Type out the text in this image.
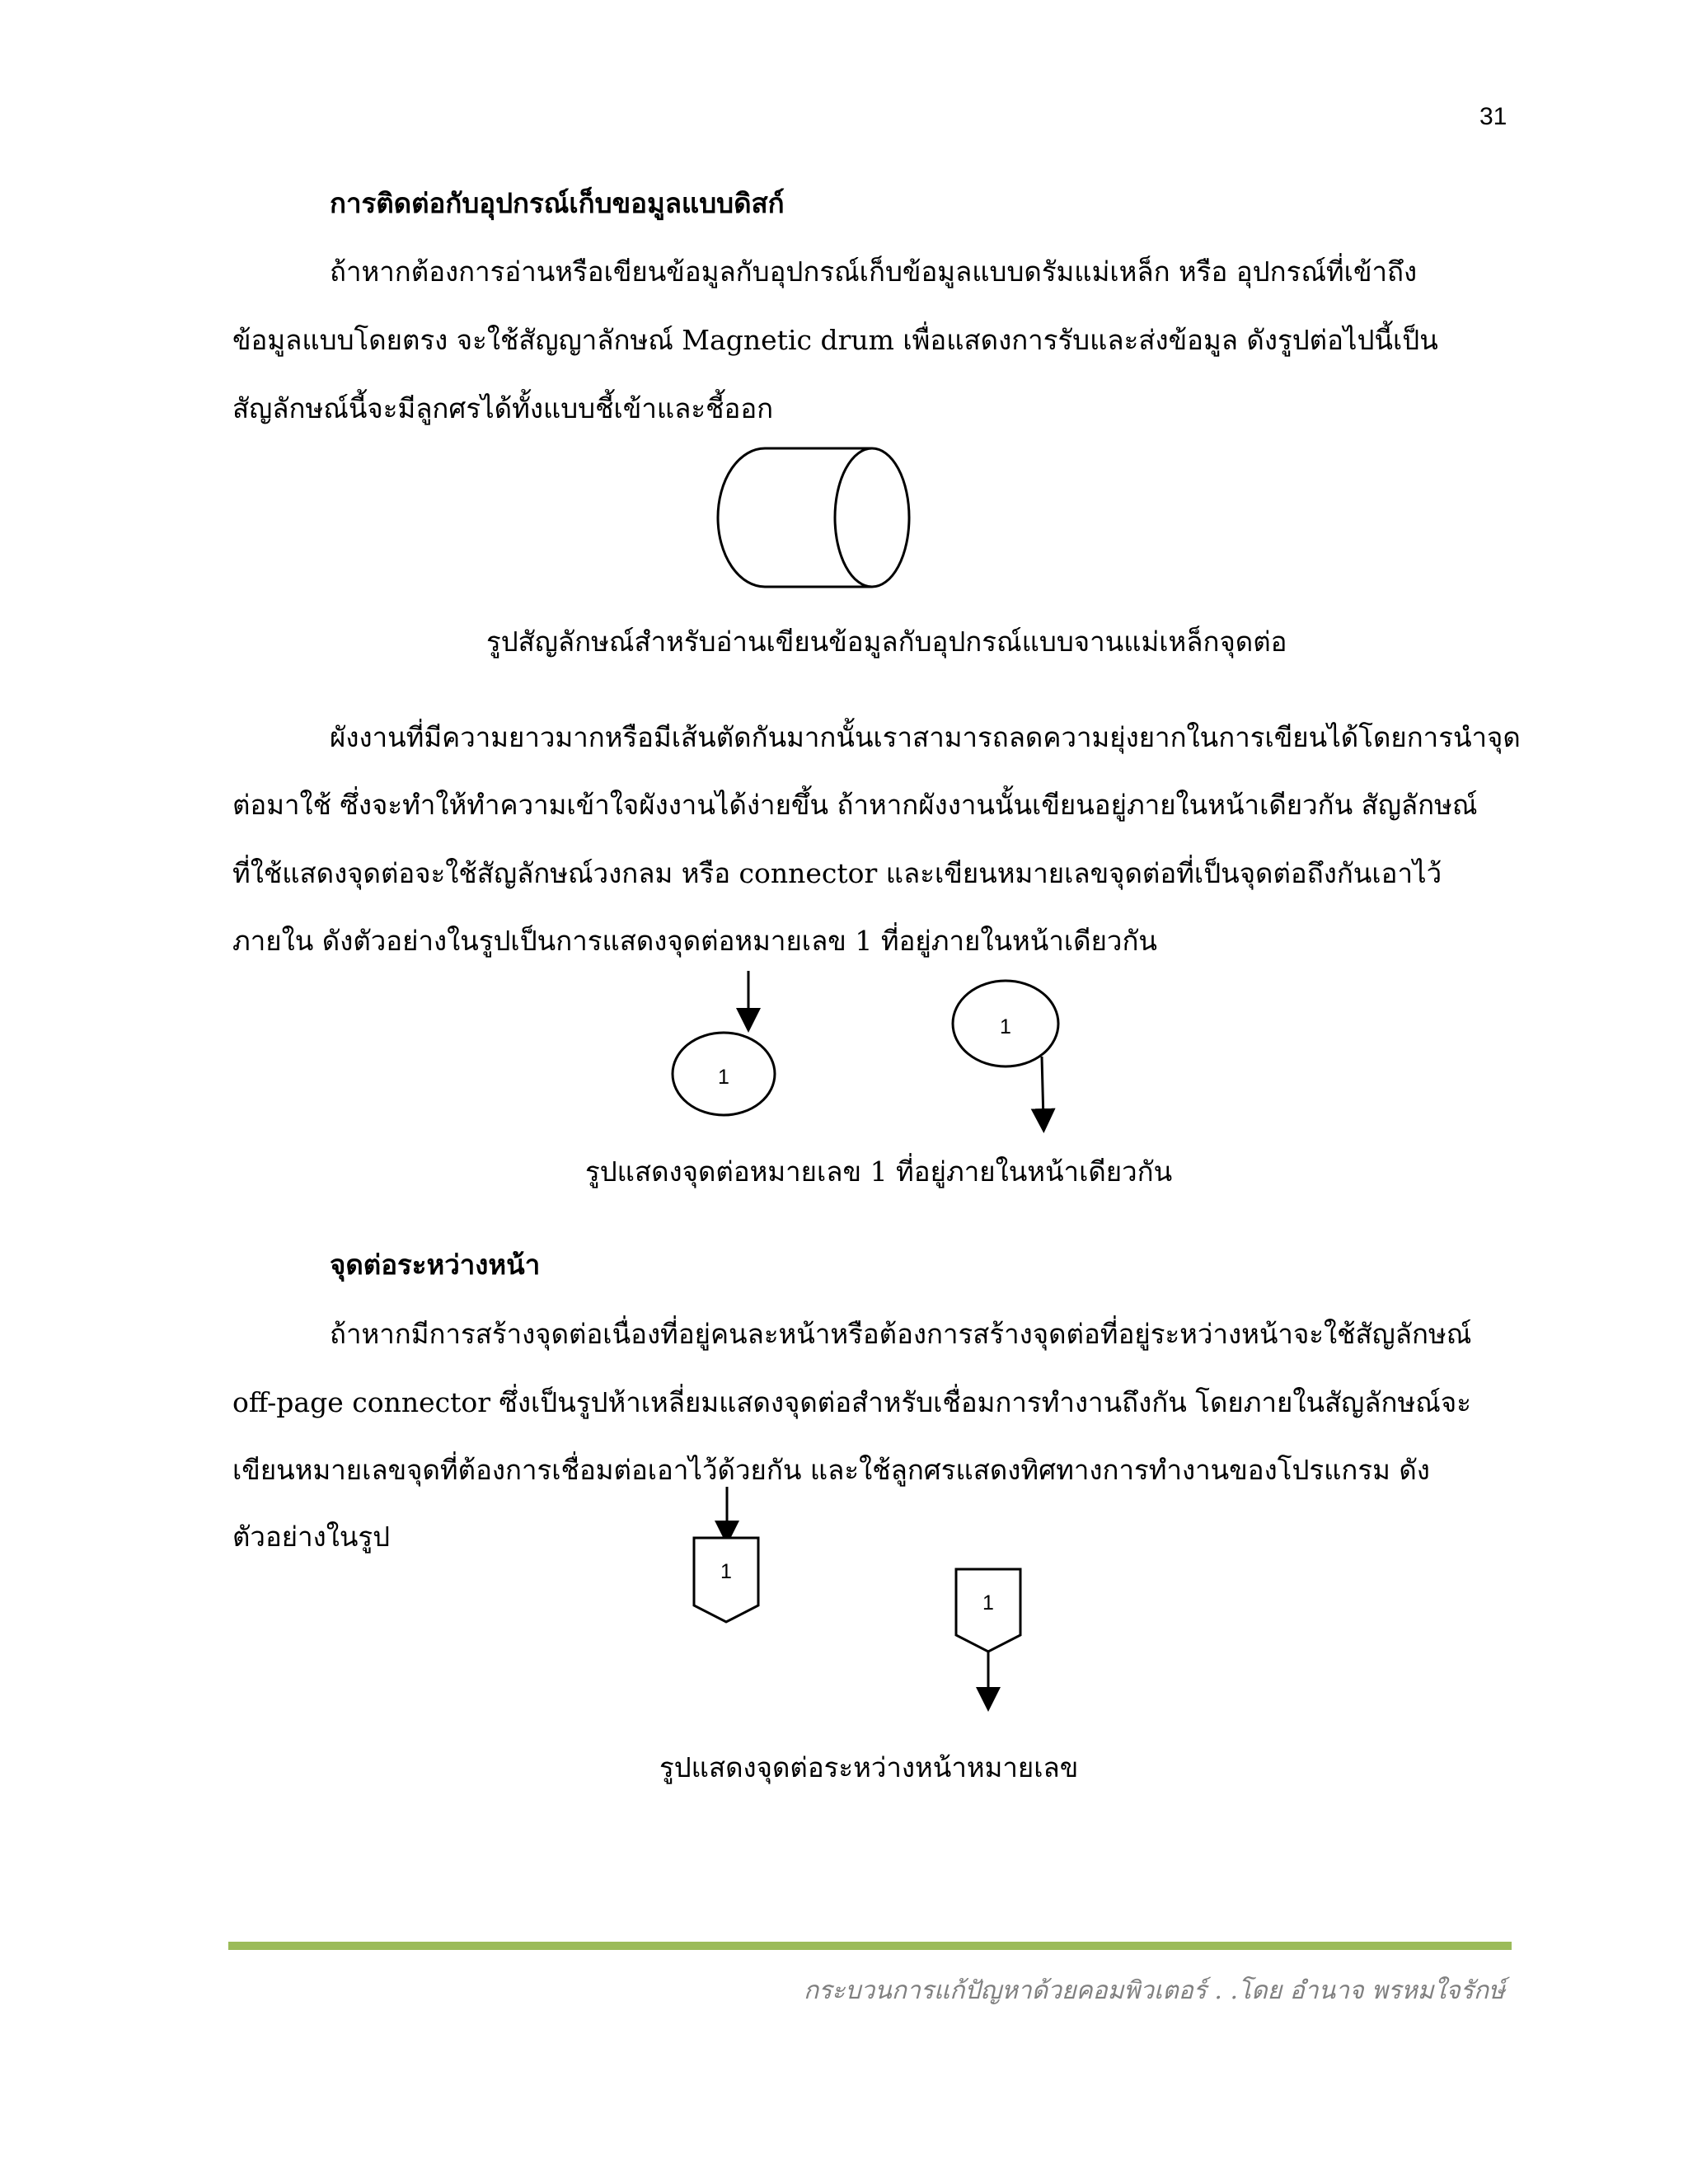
31
การติดต่อกับอุปกรณ์เก็บขอมูลแบบดิสก์
ถ้าหากต้องการอ่านหรือเขียนข้อมูลกับอุปกรณ์เก็บข้อมูลแบบดรัมแม่เหล็ก หรือ อุปกรณ์ที่เข้าถึง
ข้อมูลแบบโดยตรง จะใช้สัญญาลักษณ์ Magnetic drum เพื่อแสดงการรับและส่งข้อมูล ดังรูปต่อไปนี้เป็น
สัญลักษณ์นี้จะมีลูกศรได้ทั้งแบบชี้เข้าและชี้ออก
รูปสัญลักษณ์สำหรับอ่านเขียนข้อมูลกับอุปกรณ์แบบจานแม่เหล็กจุดต่อ
ผังงานที่มีความยาวมากหรือมีเส้นตัดกันมากนั้นเราสามารถลดความยุ่งยากในการเขียนได้โดยการนำจุด
ต่อมาใช้ ซึ่งจะทำให้ทำความเข้าใจผังงานได้ง่ายขึ้น ถ้าหากผังงานนั้นเขียนอยู่ภายในหน้าเดียวกัน สัญลักษณ์
ที่ใช้แสดงจุดต่อจะใช้สัญลักษณ์วงกลม หรือ connector และเขียนหมายเลขจุดต่อที่เป็นจุดต่อถึงกันเอาไว้
ภายใน ดังตัวอย่างในรูปเป็นการแสดงจุดต่อหมายเลข 1 ที่อยู่ภายในหน้าเดียวกัน
1
1
รูปแสดงจุดต่อหมายเลข 1 ที่อยู่ภายในหน้าเดียวกัน
จุดต่อระหว่างหน้า
ถ้าหากมีการสร้างจุดต่อเนื่องที่อยู่คนละหน้าหรือต้องการสร้างจุดต่อที่อยู่ระหว่างหน้าจะใช้สัญลักษณ์
off-page connector ซึ่งเป็นรูปห้าเหลี่ยมแสดงจุดต่อสำหรับเชื่อมการทำงานถึงกัน โดยภายในสัญลักษณ์จะ
เขียนหมายเลขจุดที่ต้องการเชื่อมต่อเอาไว้ด้วยกัน และใช้ลูกศรแสดงทิศทางการทำงานของโปรแกรม ดัง
ตัวอย่างในรูป
1
1
รูปแสดงจุดต่อระหว่างหน้าหมายเลข
กระบวนการแก้ปัญหาด้วยคอมพิวเตอร์ . .โดย อำนาจ พรหมใจรักษ์
